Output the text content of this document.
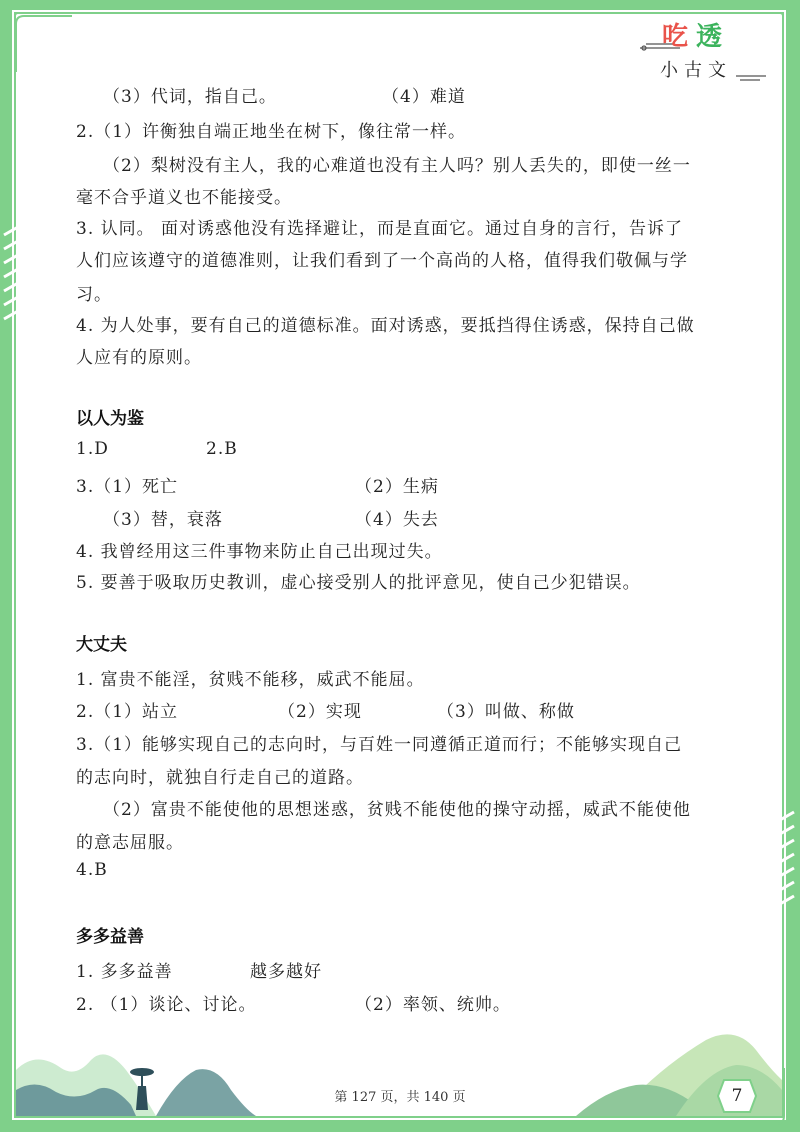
吃 透
小古文
（3）代词，指自己。	（4）难道
2.（1）许衡独自端正地坐在树下，像往常一样。
（2）梨树没有主人，我的心难道也没有主人吗？别人丢失的，即使一丝一
毫不合乎道义也不能接受。
3. 认同。 面对诱惑他没有选择避让，而是直面它。通过自身的言行，告诉了
人们应该遵守的道德准则，让我们看到了一个高尚的人格，值得我们敬佩与学
习。
4. 为人处事，要有自己的道德标准。面对诱惑，要抵挡得住诱惑，保持自己做
人应有的原则。
以人为鉴
1.D	2.B
3.（1）死亡	（2）生病
（3）替，衰落	（4）失去
4. 我曾经用这三件事物来防止自己出现过失。
5. 要善于吸取历史教训，虚心接受别人的批评意见，使自己少犯错误。
大丈夫
1. 富贵不能淫，贫贱不能移，威武不能屈。
2.（1）站立	（2）实现	（3）叫做、称做
3.（1）能够实现自己的志向时，与百姓一同遵循正道而行；不能够实现自己
的志向时，就独自行走自己的道路。
（2）富贵不能使他的思想迷惑，贫贱不能使他的操守动摇，威武不能使他
的意志屈服。
4.B
多多益善
1. 多多益善	越多越好
2. （1）谈论、讨论。	（2）率领、统帅。
第 127 页，共 140 页	7
